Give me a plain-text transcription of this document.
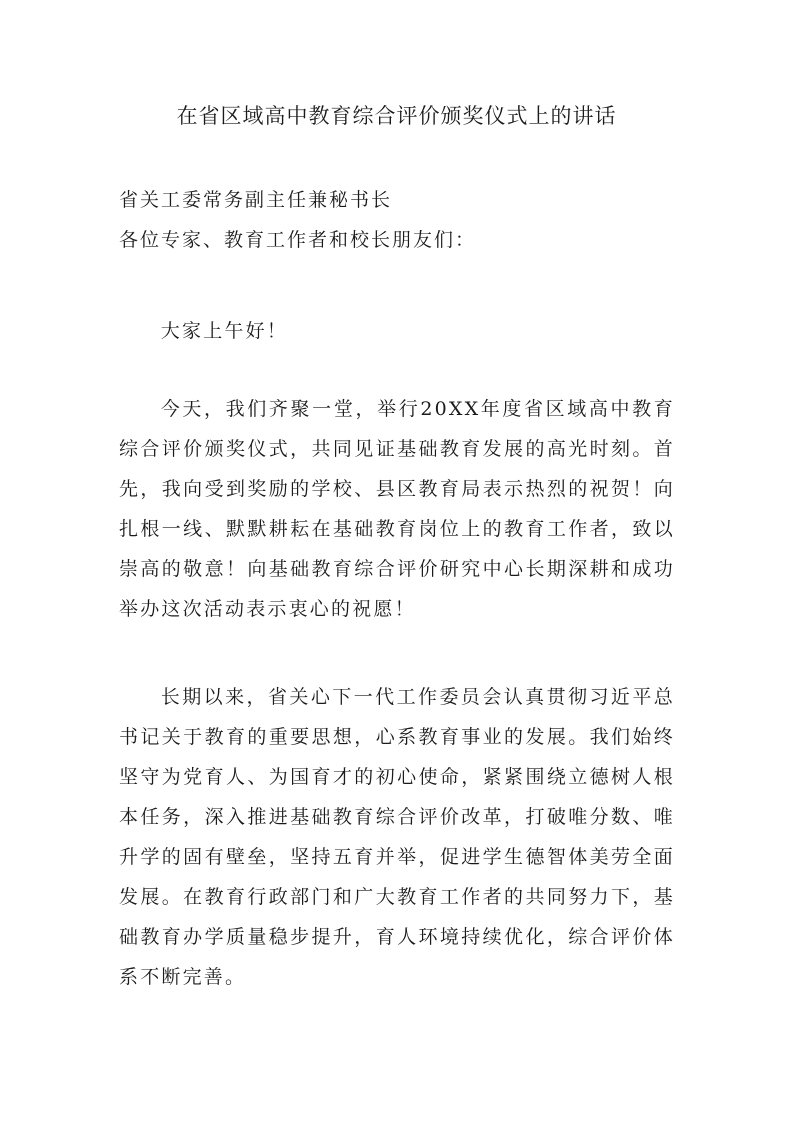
在省区域高中教育综合评价颁奖仪式上的讲话

省关工委常务副主任兼秘书长

各位专家、教育工作者和校长朋友们：

大家上午好！

今天，我们齐聚一堂，举行20XX年度省区域高中教育综合评价颁奖仪式，共同见证基础教育发展的高光时刻。首先，我向受到奖励的学校、县区教育局表示热烈的祝贺！向扎根一线、默默耕耘在基础教育岗位上的教育工作者，致以崇高的敬意！向基础教育综合评价研究中心长期深耕和成功举办这次活动表示衷心的祝愿！

长期以来，省关心下一代工作委员会认真贯彻习近平总书记关于教育的重要思想，心系教育事业的发展。我们始终坚守为党育人、为国育才的初心使命，紧紧围绕立德树人根本任务，深入推进基础教育综合评价改革，打破唯分数、唯升学的固有壁垒，坚持五育并举，促进学生德智体美劳全面发展。在教育行政部门和广大教育工作者的共同努力下，基础教育办学质量稳步提升，育人环境持续优化，综合评价体系不断完善。
